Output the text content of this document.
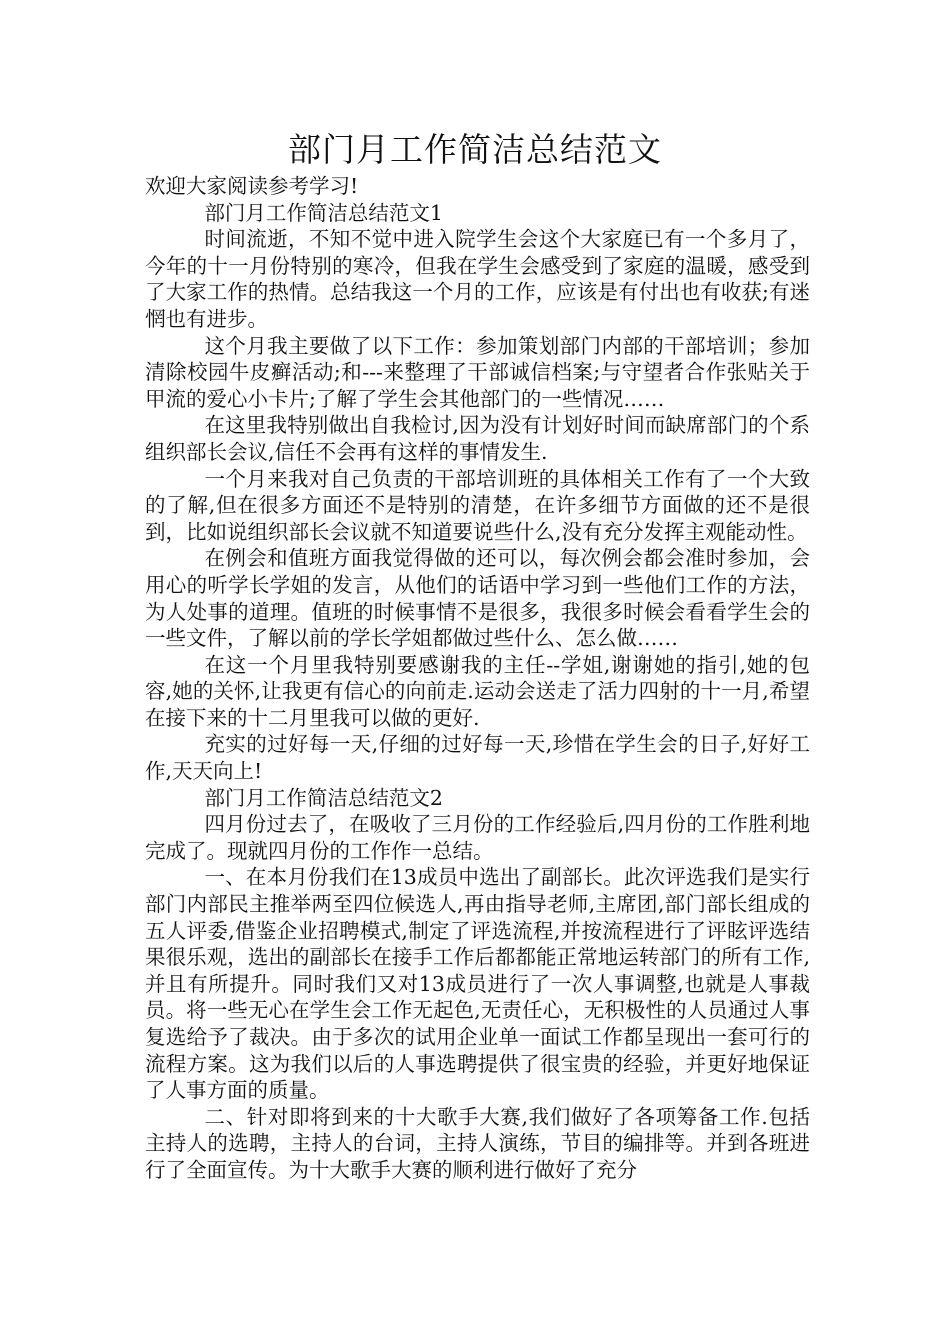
部门月工作简洁总结范文

欢迎大家阅读参考学习!

部门月工作简洁总结范文1

时间流逝，不知不觉中进入院学生会这个大家庭已有一个多月了，今年的十一月份特别的寒冷，但我在学生会感受到了家庭的温暖，感受到了大家工作的热情。总结我这一个月的工作，应该是有付出也有收获;有迷惘也有进步。

这个月我主要做了以下工作：参加策划部门内部的干部培训；参加清除校园牛皮癣活动;和---来整理了干部诚信档案;与守望者合作张贴关于甲流的爱心小卡片;了解了学生会其他部门的一些情况……

在这里我特别做出自我检讨,因为没有计划好时间而缺席部门的个系组织部长会议,信任不会再有这样的事情发生.

一个月来我对自己负责的干部培训班的具体相关工作有了一个大致的了解,但在很多方面还不是特别的清楚，在许多细节方面做的还不是很到，比如说组织部长会议就不知道要说些什么,没有充分发挥主观能动性。

在例会和值班方面我觉得做的还可以，每次例会都会准时参加，会用心的听学长学姐的发言，从他们的话语中学习到一些他们工作的方法，为人处事的道理。值班的时候事情不是很多，我很多时候会看看学生会的一些文件，了解以前的学长学姐都做过些什么、怎么做……

在这一个月里我特别要感谢我的主任--学姐,谢谢她的指引,她的包容,她的关怀,让我更有信心的向前走.运动会送走了活力四射的十一月,希望在接下来的十二月里我可以做的更好.

充实的过好每一天,仔细的过好每一天,珍惜在学生会的日子,好好工作,天天向上!

部门月工作简洁总结范文2

四月份过去了，在吸收了三月份的工作经验后,四月份的工作胜利地完成了。现就四月份的工作作一总结。

一、在本月份我们在13成员中选出了副部长。此次评选我们是实行部门内部民主推举两至四位候选人,再由指导老师,主席团,部门部长组成的五人评委,借鉴企业招聘模式,制定了评选流程,并按流程进行了评眩评选结果很乐观，选出的副部长在接手工作后都都能正常地运转部门的所有工作,并且有所提升。同时我们又对13成员进行了一次人事调整,也就是人事裁员。将一些无心在学生会工作无起色,无责任心，无积极性的人员通过人事复选给予了裁决。由于多次的试用企业单一面试工作都呈现出一套可行的流程方案。这为我们以后的人事选聘提供了很宝贵的经验，并更好地保证了人事方面的质量。

二、针对即将到来的十大歌手大赛,我们做好了各项筹备工作.包括主持人的选聘，主持人的台词，主持人演练，节目的编排等。并到各班进行了全面宣传。为十大歌手大赛的顺利进行做好了充分
